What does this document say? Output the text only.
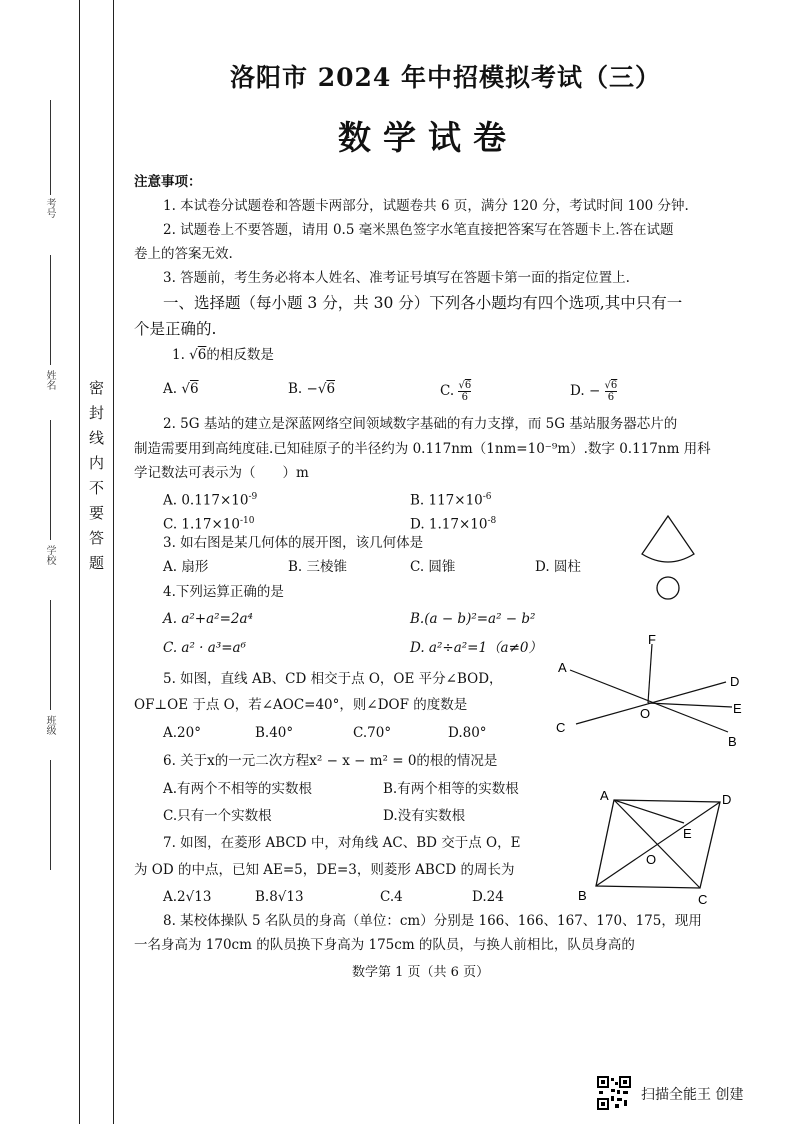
密封线内不要答题
考号
姓名
学校
班级
洛阳市 2024 年中招模拟考试（三）
数学试卷
注意事项：
1. 本试卷分试题卷和答题卡两部分，试题卷共 6 页，满分 120 分，考试时间 100 分钟.
2. 试题卷上不要答题，请用 0.5 毫米黑色签字水笔直接把答案写在答题卡上.答在试题
卷上的答案无效.
3. 答题前，考生务必将本人姓名、准考证号填写在答题卡第一面的指定位置上.
一、选择题（每小题 3 分，共 30 分）下列各小题均有四个选项,其中只有一
个是正确的.
1. √6的相反数是
A. √6	B. −√6	C. $\frac{√6}{6}$	D. − $\frac{√6}{6}$
2. 5G 基站的建立是深蓝网络空间领域数字基础的有力支撑，而 5G 基站服务器芯片的
制造需要用到高纯度硅.已知硅原子的半径约为 0.117nm（1nm=10⁻⁹m）.数字 0.117nm 用科
学记数法可表示为（　　）m
A. $0.117\times 10^{-9}$	B. $117\times 10^{-6}$
C. $1.17\times 10^{-10}$	D. $1.17\times 10^{-8}$
3. 如右图是某几何体的展开图，该几何体是
A. 扇形	B. 三棱锥	C. 圆锥	D. 圆柱
4.下列运算正确的是
A. a²+a²=2a⁴	B.(a − b)²=a² − b²
C. a² · a³=a⁶	D. a²÷a²=1（a≠0）
5. 如图，直线 AB、CD 相交于点 O，OE 平分∠BOD，
OF⊥OE 于点 O，若∠AOC=40°，则∠DOF 的度数是
A.20°	B.40°	C.70°	D.80°
A
B
C
D
E
F
O
6. 关于x的一元二次方程x² − x − m² = 0的根的情况是
A.有两个不相等的实数根	B.有两个相等的实数根
C.只有一个实数根	D.没有实数根
7. 如图，在菱形 ABCD 中，对角线 AC、BD 交于点 O，E
为 OD 的中点，已知 AE=5，DE=3，则菱形 ABCD 的周长为
A.2√13	B.8√13	C.4	D.24
A
B	C
D
E
O
8. 某校体操队 5 名队员的身高（单位：cm）分别是 166、166、167、170、175，现用
一名身高为 170cm 的队员换下身高为 175cm 的队员，与换人前相比，队员身高的
数学第 1 页（共 6 页）
扫描全能王 创建
